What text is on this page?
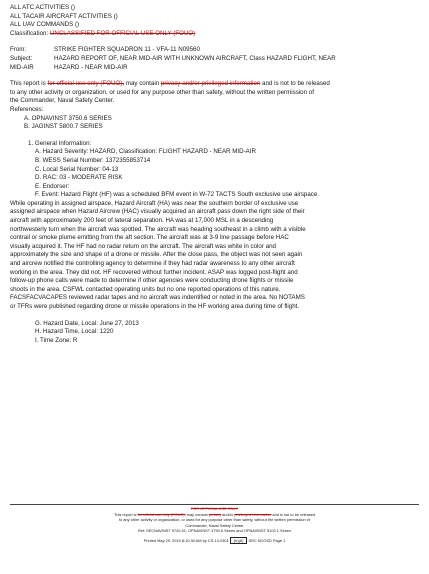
ALL ATC ACTIVITIES ()
ALL TACAIR AIRCRAFT ACTIVITIES ()
ALL UAV COMMANDS ()
Classification: UNCLASSIFIED FOR OFFICIAL USE ONLY (FOUO)
From:	STRIKE FIGHTER SQUADRON 11 - VFA-11 N09560
Subject:	HAZARD REPORT OF, NEAR MID-AIR WITH UNKNOWN AIRCRAFT, Class HAZARD FLIGHT, NEAR
MID-AIR	HAZARD - NEAR MID-AIR
This report is for official use only (FOUO), may contain privacy and/or privileged information and is not to be released
to any other activity or organization, or used for any purpose other than safety, without the written permission of
the Commander, Naval Safety Center.
References:
A. OPNAVINST 3750.6 SERIES
B. JAGINST 5800.7 SERIES
1. General Information:
A. Hazard Severity: HAZARD, Classification: FLIGHT HAZARD - NEAR MID-AIR
B. WESS Serial Number: 1372355853714
C. Local Serial Number: 04-13
D. RAC: 03 - MODERATE RISK
E. Endorser:
F. Event: Hazard Flight (HF) was a scheduled BFM event in W-72 TACTS South exclusive use airspace.
While operating in assigned airspace, Hazard Aircraft (HA) was near the southern border of exclusive use
assigned airspace when Hazard Aircrew (HAC) visually acquired an aircraft pass down the right side of their
aircraft with approximately 200 feet of lateral separation. HA was at 17,000 MSL in a descending
northwesterly turn when the aircraft was spotted. The aircraft was heading southeast in a climb with a visible
contrail or smoke plume emitting from the aft section. The aircraft was at 3-9 line passage before HAC
visually acquired it. The HF had no radar return on the aircraft. The aircraft was white in color and
approximately the size and shape of a drone or missile. After the close pass, the object was not seen again
and aircrew notified the controlling agency to determine if they had radar awareness to any other aircraft
working in the area. They did not. HF recovered without further incident. ASAP was logged post-flight and
follow-up phone calls were made to determine if other agencies were conducting drone flights or missile
shoots in the area. CSFWL contacted operating units but no one reported operations of this nature.
FACSFACVACAPES reviewed radar tapes and no aircraft was indentified or noted in the area. No NOTAMS
or TFRs were published regarding drone or missile operations in the HF working area during time of flight.
G. Hazard Date, Local: June 27, 2013
H. Hazard Time, Local: 1220
I. Time Zone: R
FOR OFFICIAL USE ONLY
This report is for official use only (FOUO), may contain privacy and/or privileged information and is not to be released
to any other activity or organization, or used for any purpose other than safety, without the written permission of
Commander, Naval Safety Center
Ref: SECNAVINST 5720.42, OPNAVINST 3750.6 Series and OPNAVINST 5102.1 Series
Printed May 29, 2019 8:10:30 AM by CS-13-0301 (b)(6) SRC NCOSD Page 1
